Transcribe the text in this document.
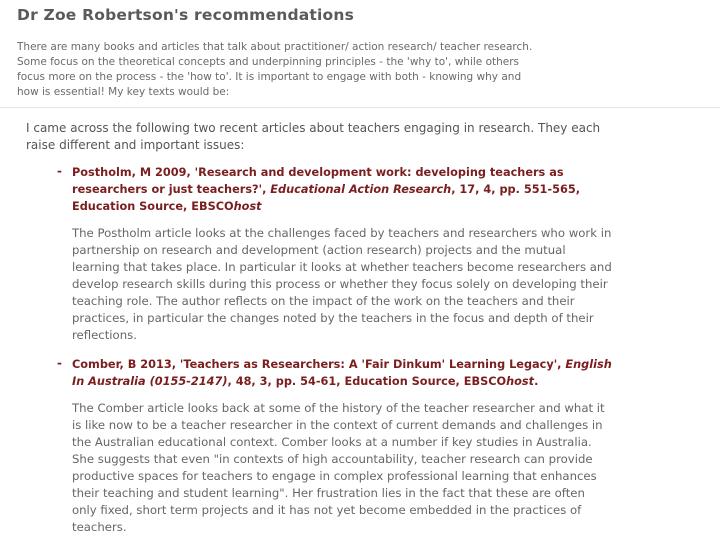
Dr Zoe Robertson's recommendations

There are many books and articles that talk about practitioner/ action research/ teacher research.
Some focus on the theoretical concepts and underpinning principles - the 'why to', while others
focus more on the process - the 'how to'. It is important to engage with both - knowing why and
how is essential! My key texts would be:

I came across the following two recent articles about teachers engaging in research. They each
raise different and important issues:

- Postholm, M 2009, 'Research and development work: developing teachers as
researchers or just teachers?', Educational Action Research, 17, 4, pp. 551-565,
Education Source, EBSCOhost

The Postholm article looks at the challenges faced by teachers and researchers who work in
partnership on research and development (action research) projects and the mutual
learning that takes place. In particular it looks at whether teachers become researchers and
develop research skills during this process or whether they focus solely on developing their
teaching role. The author reflects on the impact of the work on the teachers and their
practices, in particular the changes noted by the teachers in the focus and depth of their
reflections.

- Comber, B 2013, 'Teachers as Researchers: A 'Fair Dinkum' Learning Legacy', English
In Australia (0155-2147), 48, 3, pp. 54-61, Education Source, EBSCOhost.

The Comber article looks back at some of the history of the teacher researcher and what it
is like now to be a teacher researcher in the context of current demands and challenges in
the Australian educational context. Comber looks at a number if key studies in Australia.
She suggests that even "in contexts of high accountability, teacher research can provide
productive spaces for teachers to engage in complex professional learning that enhances
their teaching and student learning". Her frustration lies in the fact that these are often
only fixed, short term projects and it has not yet become embedded in the practices of
teachers.
